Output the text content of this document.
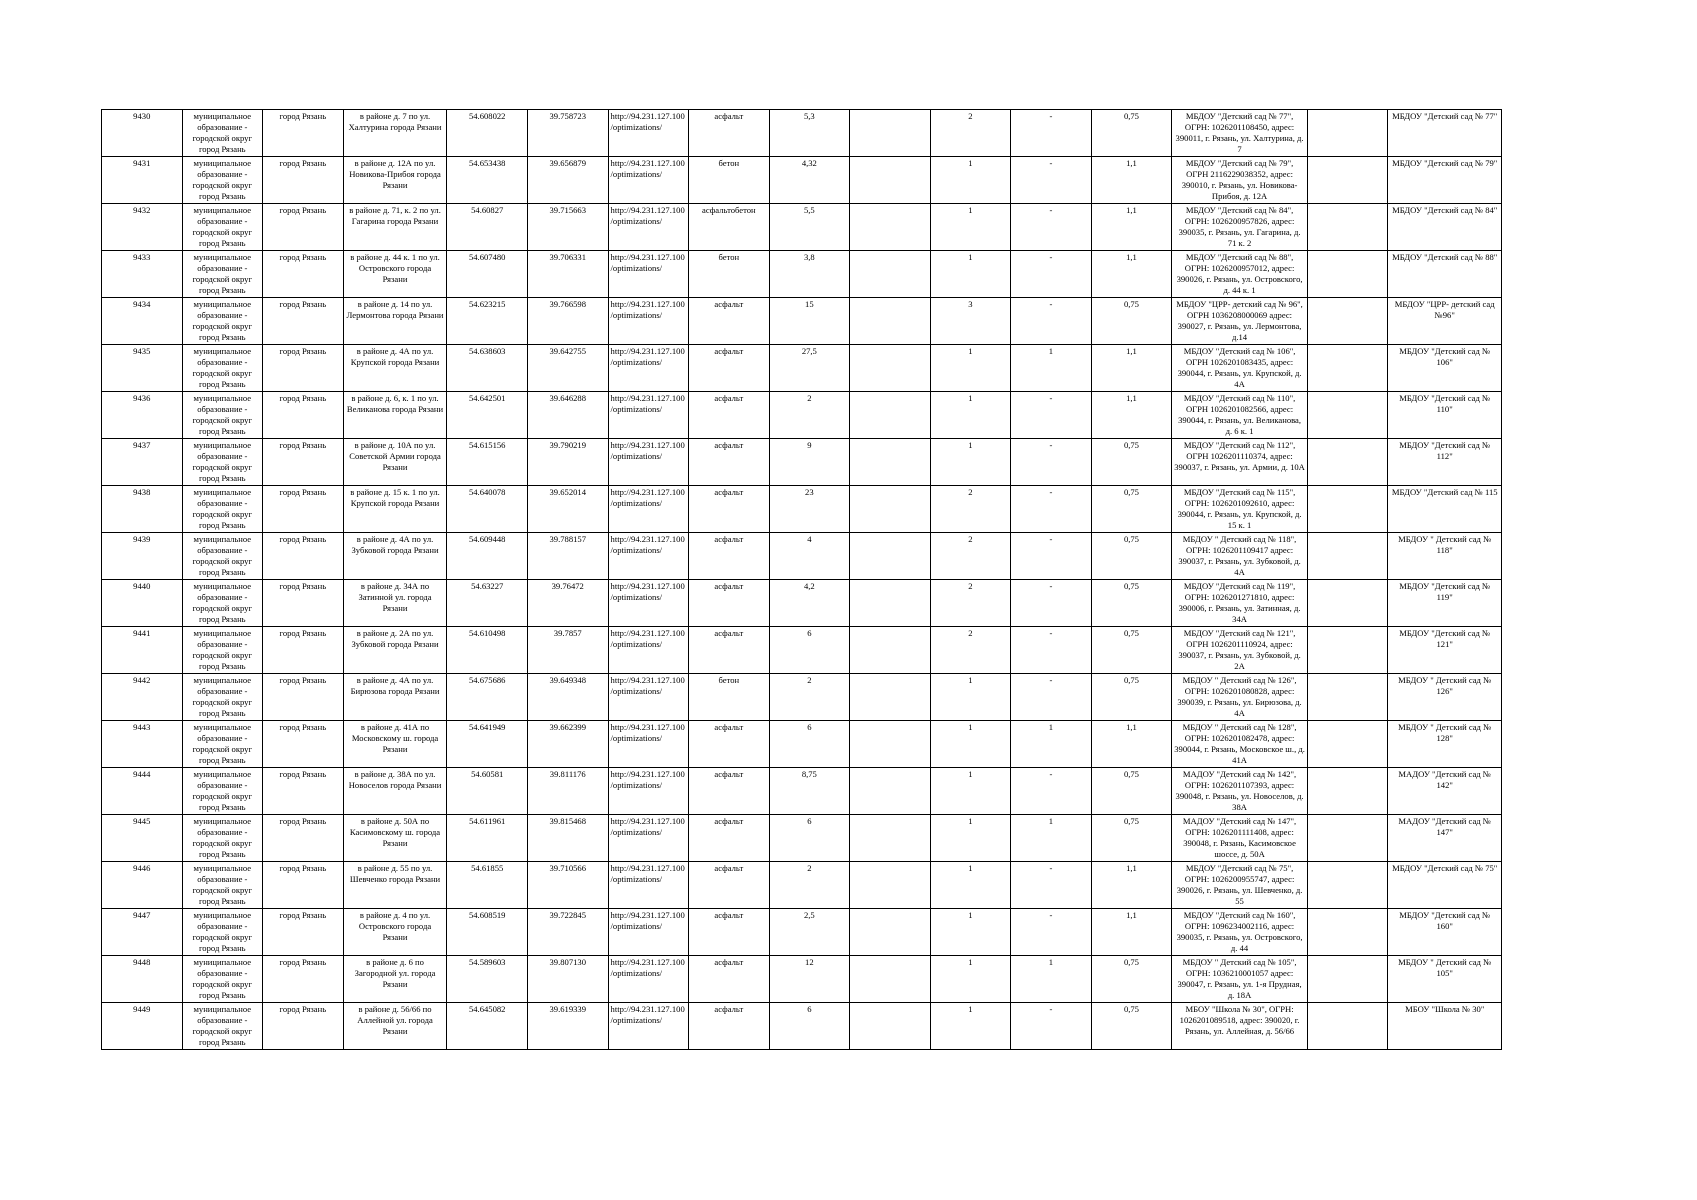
9430	муниципальное образование - городской округ город Рязань	город Рязань	в районе д. 7 по ул. Халтурина города Рязани	54.608022	39.758723	http://94.231.127.100/optimizations/	асфальт	5,3		2	-	0,75	МБДОУ "Детский сад № 77", ОГРН: 1026201108450, адрес: 390011, г. Рязань, ул. Халтурина, д. 7		МБДОУ "Детский сад № 77"
9431	муниципальное образование - городской округ город Рязань	город Рязань	в районе д. 12А по ул. Новикова-Прибоя города Рязани	54.653438	39.656879	http://94.231.127.100/optimizations/	бетон	4,32		1	-	1,1	МБДОУ "Детский сад № 79", ОГРН 2116229038352, адрес: 390010, г. Рязань, ул. Новикова-Прибоя, д. 12А		МБДОУ "Детский сад № 79"
9432	муниципальное образование - городской округ город Рязань	город Рязань	в районе д. 71, к. 2 по ул. Гагарина города Рязани	54.60827	39.715663	http://94.231.127.100/optimizations/	асфальтобетон	5,5		1	-	1,1	МБДОУ "Детский сад № 84", ОГРН: 1026200957826, адрес: 390035, г. Рязань, ул. Гагарина, д. 71 к. 2		МБДОУ "Детский сад № 84"
9433	муниципальное образование - городской округ город Рязань	город Рязань	в районе д. 44 к. 1 по ул. Островского города Рязани	54.607480	39.706331	http://94.231.127.100/optimizations/	бетон	3,8		1	-	1,1	МБДОУ "Детский сад № 88", ОГРН: 1026200957012, адрес: 390026, г. Рязань, ул. Островского, д. 44 к. 1		МБДОУ "Детский сад № 88"
9434	муниципальное образование - городской округ город Рязань	город Рязань	в районе д. 14 по ул. Лермонтова города Рязани	54.623215	39.766598	http://94.231.127.100/optimizations/	асфальт	15		3	-	0,75	МБДОУ "ЦРР- детский сад № 96", ОГРН 1036208000069 адрес: 390027, г. Рязань, ул. Лермонтова, д.14		МБДОУ "ЦРР- детский сад №96"
9435	муниципальное образование - городской округ город Рязань	город Рязань	в районе д. 4А по ул. Крупской города Рязани	54.638603	39.642755	http://94.231.127.100/optimizations/	асфальт	27,5		1	1	1,1	МБДОУ "Детский сад № 106", ОГРН 1026201083435, адрес: 390044, г. Рязань, ул. Крупской, д. 4А		МБДОУ "Детский сад № 106"
9436	муниципальное образование - городской округ город Рязань	город Рязань	в районе д. 6, к. 1 по ул. Великанова города Рязани	54.642501	39.646288	http://94.231.127.100/optimizations/	асфальт	2		1	-	1,1	МБДОУ "Детский сад № 110", ОГРН 1026201082566, адрес: 390044, г. Рязань, ул. Великанова, д. 6 к. 1		МБДОУ "Детский сад № 110"
9437	муниципальное образование - городской округ город Рязань	город Рязань	в районе д. 10А по ул. Советской Армии города Рязани	54.615156	39.790219	http://94.231.127.100/optimizations/	асфальт	9		1	-	0,75	МБДОУ "Детский сад № 112", ОГРН 1026201110374, адрес: 390037, г. Рязань, ул. Армии, д. 10А		МБДОУ "Детский сад № 112"
9438	муниципальное образование - городской округ город Рязань	город Рязань	в районе д. 15 к. 1 по ул. Крупской города Рязани	54.640078	39.652014	http://94.231.127.100/optimizations/	асфальт	23		2	-	0,75	МБДОУ "Детский сад № 115", ОГРН: 1026201092610, адрес: 390044, г. Рязань, ул. Крупской, д. 15 к. 1		МБДОУ "Детский сад № 115
9439	муниципальное образование - городской округ город Рязань	город Рязань	в районе д. 4А по ул. Зубковой города Рязани	54.609448	39.788157	http://94.231.127.100/optimizations/	асфальт	4		2	-	0,75	МБДОУ " Детский сад № 118", ОГРН: 1026201109417 адрес: 390037, г. Рязань, ул. Зубковой, д. 4А		МБДОУ " Детский сад № 118"
9440	муниципальное образование - городской округ город Рязань	город Рязань	в районе д. 34А по Затинной ул. города Рязани	54.63227	39.76472	http://94.231.127.100/optimizations/	асфальт	4,2		2	-	0,75	МБДОУ "Детский сад № 119", ОГРН: 1026201271810, адрес: 390006, г. Рязань, ул. Затинная, д. 34А		МБДОУ "Детский сад № 119"
9441	муниципальное образование - городской округ город Рязань	город Рязань	в районе д. 2А по ул. Зубковой города Рязани	54.610498	39.7857	http://94.231.127.100/optimizations/	асфальт	6		2	-	0,75	МБДОУ "Детский сад № 121", ОГРН 1026201110924, адрес: 390037, г. Рязань, ул. Зубковой, д. 2А		МБДОУ "Детский сад № 121"
9442	муниципальное образование - городской округ город Рязань	город Рязань	в районе д. 4А по ул. Бирюзова города Рязани	54.675686	39.649348	http://94.231.127.100/optimizations/	бетон	2		1	-	0,75	МБДОУ " Детский сад № 126", ОГРН: 1026201080828, адрес: 390039, г. Рязань, ул. Бирюзова, д. 4А		МБДОУ " Детский сад № 126"
9443	муниципальное образование - городской округ город Рязань	город Рязань	в районе д. 41А по Московскому ш. города Рязани	54.641949	39.662399	http://94.231.127.100/optimizations/	асфальт	6		1	1	1,1	МБДОУ " Детский сад № 128", ОГРН: 1026201082478, адрес: 390044, г. Рязань, Московское ш., д. 41А		МБДОУ " Детский сад № 128"
9444	муниципальное образование - городской округ город Рязань	город Рязань	в районе д. 38А по ул. Новоселов города Рязани	54.60581	39.811176	http://94.231.127.100/optimizations/	асфальт	8,75		1	-	0,75	МАДОУ "Детский сад № 142", ОГРН: 1026201107393, адрес: 390048, г. Рязань, ул. Новоселов, д. 38А		МАДОУ "Детский сад № 142"
9445	муниципальное образование - городской округ город Рязань	город Рязань	в районе д. 50А по Касимовскому ш. города Рязани	54.611961	39.815468	http://94.231.127.100/optimizations/	асфальт	6		1	1	0,75	МАДОУ "Детский сад № 147", ОГРН: 1026201111408, адрес: 390048, г. Рязань, Касимовское шоссе, д. 50А		МАДОУ "Детский сад № 147"
9446	муниципальное образование - городской округ город Рязань	город Рязань	в районе д. 55 по ул. Шевченко города Рязани	54.61855	39.710566	http://94.231.127.100/optimizations/	асфальт	2		1	-	1,1	МБДОУ "Детский сад № 75", ОГРН: 1026200955747, адрес: 390026, г. Рязань, ул. Шевченко, д. 55		МБДОУ "Детский сад № 75"
9447	муниципальное образование - городской округ город Рязань	город Рязань	в районе д. 4 по ул. Островского города Рязани	54.608519	39.722845	http://94.231.127.100/optimizations/	асфальт	2,5		1	-	1,1	МБДОУ "Детский сад № 160", ОГРН: 1096234002116, адрес: 390035, г. Рязань, ул. Островского, д. 44		МБДОУ "Детский сад № 160"
9448	муниципальное образование - городской округ город Рязань	город Рязань	в районе д. 6 по Загородной ул. города Рязани	54.589603	39.807130	http://94.231.127.100/optimizations/	асфальт	12		1	1	0,75	МБДОУ " Детский сад № 105", ОГРН: 1036210001057 адрес: 390047, г. Рязань, ул. 1-я Прудная, д. 18А		МБДОУ " Детский сад № 105"
9449	муниципальное образование - городской округ город Рязань	город Рязань	в районе д. 56/66 по Аллейной ул. города Рязани	54.645082	39.619339	http://94.231.127.100/optimizations/	асфальт	6		1	-	0,75	МБОУ "Школа № 30", ОГРН: 1026201089518, адрес: 390020, г. Рязань, ул. Аллейная, д. 56/66		МБОУ "Школа № 30"
